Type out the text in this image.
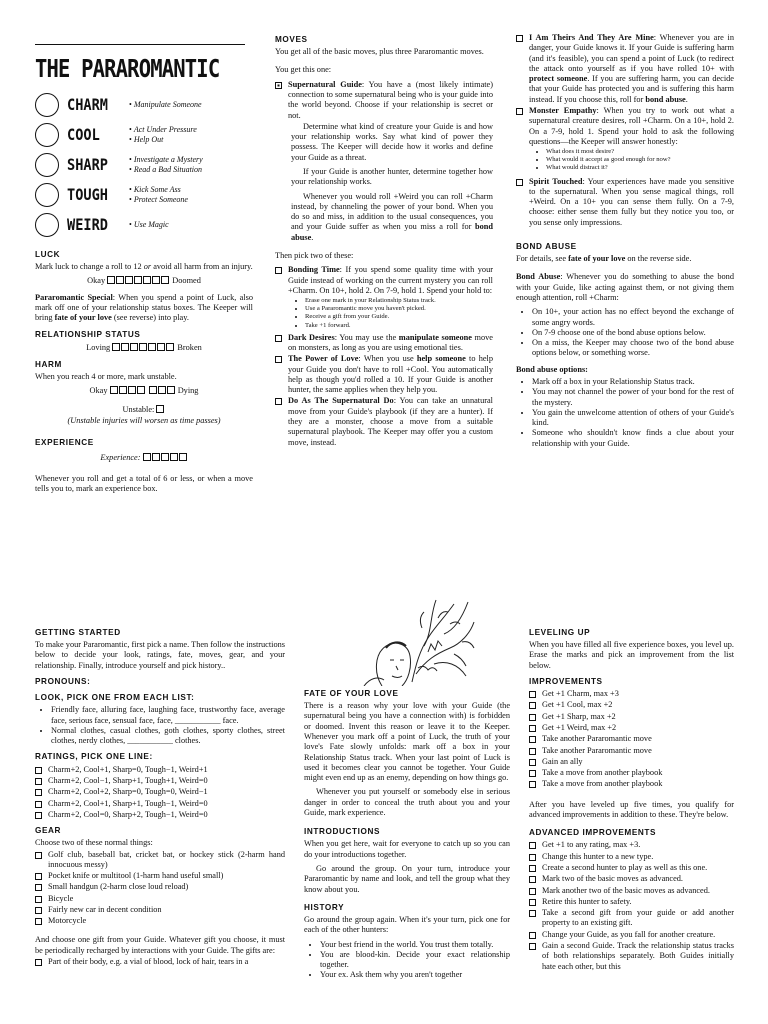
THE PARAROMANTIC
CHARM	• Manipulate Someone
COOL	• Act Under Pressure
• Help Out
SHARP	• Investigate a Mystery
• Read a Bad Situation
TOUGH	• Kick Some Ass
• Protect Someone
WEIRD	• Use Magic
LUCK

Mark luck to change a roll to 12 or avoid all harm from an injury.

Okay	Doomed

Pararomantic Special: When you spend a point of Luck, also mark off one of your relationship status boxes. The Keeper will bring fate of your love (see reverse) into play.

RELATIONSHIP STATUS
Loving	Broken
HARM

When you reach 4 or more, mark unstable.

Okay	Dying
Unstable:
(Unstable injuries will worsen as time passes)
EXPERIENCE
Experience:

Whenever you roll and get a total of 6 or less, or when a move tells you to, mark an experience box.

MOVES

You get all of the basic moves, plus three Pararomantic moves.

You get this one:

Supernatural Guide: You have a (most likely intimate) connection to some supernatural being who is your guide into the world beyond. Choose if your relationship is secret or not.

Determine what kind of creature your Guide is and how your relationship works. Say what kind of power they possess. The Keeper will decide how it works and define your Guide as a threat.

If your Guide is another hunter, determine together how your relationship works.

Whenever you would roll +Weird you can roll +Charm instead, by channeling the power of your bond. When you do so and miss, in addition to the usual consequences, you and your Guide suffer as when you miss a roll for bond abuse.

Then pick two of these:

Bonding Time: If you spend some quality time with your Guide instead of working on the current mystery you can roll +Charm. On 10+, hold 2. On 7-9, hold 1. Spend your hold to:
• Erase one mark in your Relationship Status track.
• Use a Pararomantic move you haven't picked.
• Receive a gift from your Guide.
• Take +1 forward.
Dark Desires: You may use the manipulate someone move on monsters, as long as you are using emotional ties.
The Power of Love: When you use help someone to help your Guide you don't have to roll +Cool. You automatically help as though you'd rolled a 10. If your Guide is another hunter, the same applies when they help you.
Do As The Supernatural Do: You can take an unnatural move from your Guide's playbook (if they are a hunter). If they are a monster, choose a move from a suitable supernatural playbook. The Keeper may offer you a custom move, instead.
I Am Theirs And They Are Mine: Whenever you are in danger, your Guide knows it. If your Guide is suffering harm (and it's feasible), you can spend a point of Luck (to redirect the attack onto yourself as if you have rolled 10+ with protect someone. If you are suffering harm, you can decide that your Guide has protected you and is suffering this harm instead. If you choose this, roll for bond abuse.
Monster Empathy: When you try to work out what a supernatural creature desires, roll +Charm. On a 10+, hold 2. On a 7-9, hold 1. Spend your hold to ask the following questions—the Keeper will answer honestly:
• What does it most desire?
• What would it accept as good enough for now?
• What would distract it?
Spirit Touched: Your experiences have made you sensitive to the supernatural. When you sense magical things, roll +Weird. On a 10+ you can sense them fully. On a 7-9, choose: either sense them fully but they notice you too, or you sense only impressions.
BOND ABUSE

For details, see fate of your love on the reverse side.

Bond Abuse: Whenever you do something to abuse the bond with your Guide, like acting against them, or not giving them enough attention, roll +Charm:

• On 10+, your action has no effect beyond the exchange of some angry words.
• On 7-9 choose one of the bond abuse options below.
• On a miss, the Keeper may choose two of the bond abuse options below, or something worse.

Bond abuse options:

• Mark off a box in your Relationship Status track.
• You may not channel the power of your bond for the rest of the mystery.
• You gain the unwelcome attention of others of your Guide's kind.
• Someone who shouldn't know finds a clue about your relationship with your Guide.
GETTING STARTED

To make your Pararomantic, first pick a name. Then follow the instructions below to decide your look, ratings, fate, moves, gear, and your relationship. Finally, introduce yourself and pick history..

PRONOUNS:
LOOK, PICK ONE FROM EACH LIST:
• Friendly face, alluring face, laughing face, trustworthy face, average face, serious face, sensual face, face, ___________ face.
• Normal clothes, casual clothes, goth clothes, sporty clothes, street clothes, nerdy clothes, ___________ clothes.
RATINGS, PICK ONE LINE:
Charm+2, Cool+1, Sharp=0, Tough−1, Weird+1
Charm+2, Cool−1, Sharp+1, Tough+1, Weird=0
Charm+2, Cool+2, Sharp=0, Tough=0, Weird−1
Charm+2, Cool+1, Sharp+1, Tough−1, Weird=0
Charm+2, Cool=0, Sharp+2, Tough−1, Weird=0
GEAR

Choose two of these normal things:

Golf club, baseball bat, cricket bat, or hockey stick (2-harm hand innocuous messy)
Pocket knife or multitool (1-harm hand useful small)
Small handgun (2-harm close loud reload)
Bicycle
Fairly new car in decent condition
Motorcycle

And choose one gift from your Guide. Whatever gift you choose, it must be periodically recharged by interactions with your Guide. The gifts are:

Part of their body, e.g. a vial of blood, lock of hair, tears in a
FATE OF YOUR LOVE

There is a reason why your love with your Guide (the supernatural being you have a connection with) is forbidden or doomed. Invent this reason or leave it to the Keeper. Whenever you mark off a point of Luck, the truth of your love's Fate slowly unfolds: mark off a box in your Relationship Status track. When your last point of Luck is used it becomes clear you cannot be together. Your Guide might even end up as an enemy, depending on how things go.

Whenever you put yourself or somebody else in serious danger in order to conceal the truth about you and your Guide, mark experience.

INTRODUCTIONS

When you get here, wait for everyone to catch up so you can do your introductions together.

Go around the group. On your turn, introduce your Pararomantic by name and look, and tell the group what they know about you.

HISTORY

Go around the group again. When it's your turn, pick one for each of the other hunters:

• Your best friend in the world. You trust them totally.
• You are blood-kin. Decide your exact relationship together.
• Your ex. Ask them why you aren't together
LEVELING UP

When you have filled all five experience boxes, you level up. Erase the marks and pick an improvement from the list below.

IMPROVEMENTS
Get +1 Charm, max +3
Get +1 Cool, max +2
Get +1 Sharp, max +2
Get +1 Weird, max +2
Take another Pararomantic move
Take another Pararomantic move
Gain an ally
Take a move from another playbook
Take a move from another playbook

After you have leveled up five times, you qualify for advanced improvements in addition to these. They're below.

ADVANCED IMPROVEMENTS
Get +1 to any rating, max +3.
Change this hunter to a new type.
Create a second hunter to play as well as this one.
Mark two of the basic moves as advanced.
Mark another two of the basic moves as advanced.
Retire this hunter to safety.
Take a second gift from your guide or add another property to an existing gift.
Change your Guide, as you fall for another creature.
Gain a second Guide. Track the relationship status tracks of both relationships separately. Both Guides initially hate each other, but this
